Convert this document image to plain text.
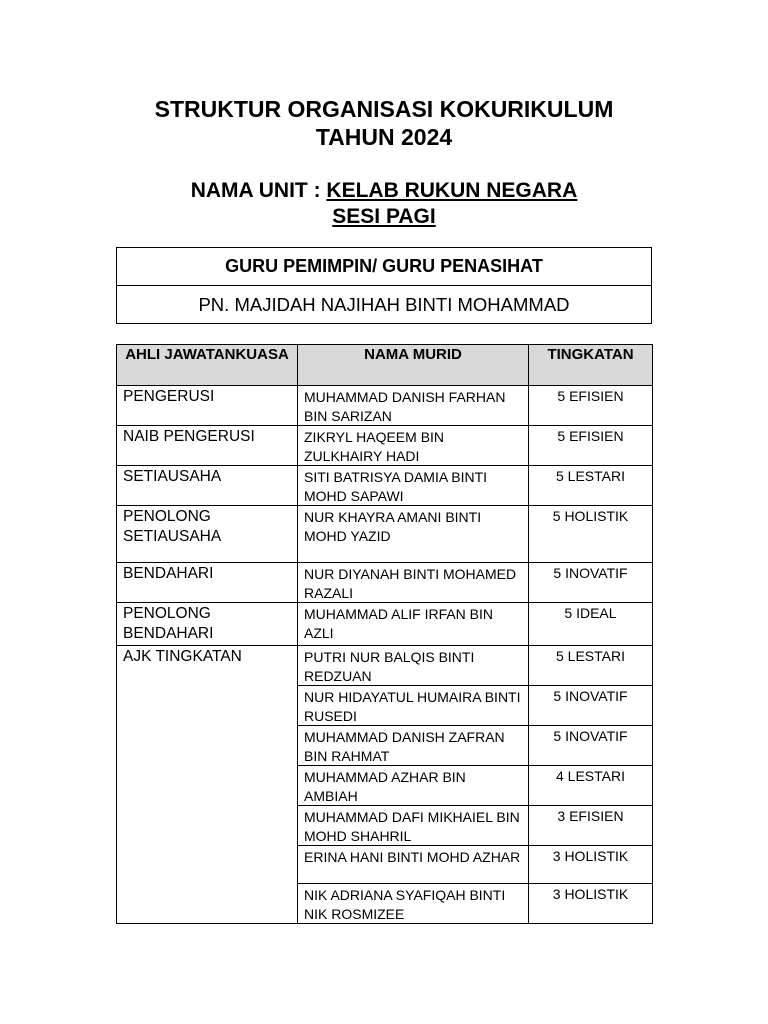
STRUKTUR ORGANISASI KOKURIKULUM
TAHUN 2024
NAMA UNIT : KELAB RUKUN NEGARA
SESI PAGI
GURU PEMIMPIN/ GURU PENASIHAT
PN. MAJIDAH NAJIHAH BINTI MOHAMMAD
AHLI JAWATANKUASA	NAMA MURID	TINGKATAN
PENGERUSI	MUHAMMAD DANISH FARHAN BIN SARIZAN	5 EFISIEN
NAIB PENGERUSI	ZIKRYL HAQEEM BIN ZULKHAIRY HADI	5 EFISIEN
SETIAUSAHA	SITI BATRISYA DAMIA BINTI MOHD SAPAWI	5 LESTARI
PENOLONG SETIAUSAHA	NUR KHAYRA AMANI BINTI MOHD YAZID	5 HOLISTIK
BENDAHARI	NUR DIYANAH BINTI MOHAMED RAZALI	5 INOVATIF
PENOLONG BENDAHARI	MUHAMMAD ALIF IRFAN BIN AZLI	5 IDEAL
AJK TINGKATAN	PUTRI NUR BALQIS BINTI REDZUAN	5 LESTARI
	NUR HIDAYATUL HUMAIRA BINTI RUSEDI	5 INOVATIF
	MUHAMMAD DANISH ZAFRAN BIN RAHMAT	5 INOVATIF
	MUHAMMAD AZHAR BIN AMBIAH	4 LESTARI
	MUHAMMAD DAFI MIKHAIEL BIN MOHD SHAHRIL	3 EFISIEN
	ERINA HANI BINTI MOHD AZHAR	3 HOLISTIK
	NIK ADRIANA SYAFIQAH BINTI NIK ROSMIZEE	3 HOLISTIK
